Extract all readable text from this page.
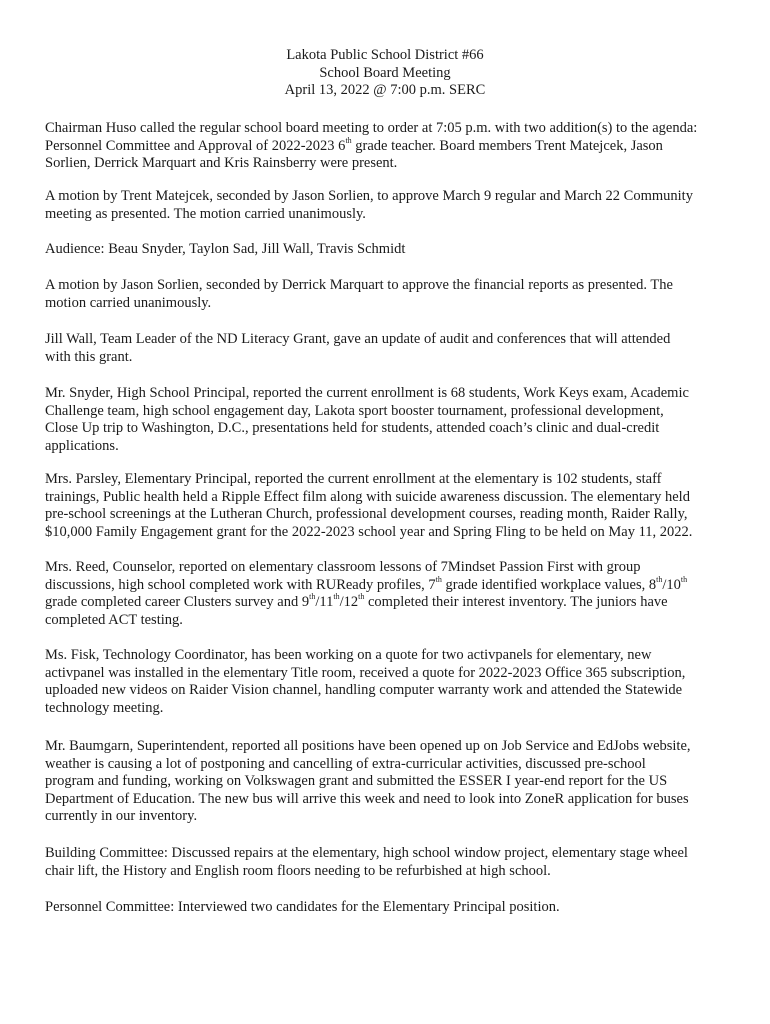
Lakota Public School District #66
School Board Meeting
April 13, 2022 @ 7:00 p.m. SERC
Chairman Huso called the regular school board meeting to order at 7:05 p.m. with two addition(s) to the agenda:
Personnel Committee and Approval of 2022-2023 6th grade teacher. Board members Trent Matejcek, Jason
Sorlien, Derrick Marquart and Kris Rainsberry were present.
A motion by Trent Matejcek, seconded by Jason Sorlien, to approve March 9 regular and March 22 Community
meeting as presented. The motion carried unanimously.
Audience: Beau Snyder, Taylon Sad, Jill Wall, Travis Schmidt
A motion by Jason Sorlien, seconded by Derrick Marquart to approve the financial reports as presented. The
motion carried unanimously.
Jill Wall, Team Leader of the ND Literacy Grant, gave an update of audit and conferences that will attended
with this grant.
Mr. Snyder, High School Principal, reported the current enrollment is 68 students, Work Keys exam, Academic
Challenge team, high school engagement day, Lakota sport booster tournament, professional development,
Close Up trip to Washington, D.C., presentations held for students, attended coach’s clinic and dual-credit
applications.
Mrs. Parsley, Elementary Principal, reported the current enrollment at the elementary is 102 students, staff
trainings, Public health held a Ripple Effect film along with suicide awareness discussion. The elementary held
pre-school screenings at the Lutheran Church, professional development courses, reading month, Raider Rally,
$10,000 Family Engagement grant for the 2022-2023 school year and Spring Fling to be held on May 11, 2022.
Mrs. Reed, Counselor, reported on elementary classroom lessons of 7Mindset Passion First with group
discussions, high school completed work with RUReady profiles, 7th grade identified workplace values, 8th/10th
grade completed career Clusters survey and 9th/11th/12th completed their interest inventory. The juniors have
completed ACT testing.
Ms. Fisk, Technology Coordinator, has been working on a quote for two activpanels for elementary, new
activpanel was installed in the elementary Title room, received a quote for 2022-2023 Office 365 subscription,
uploaded new videos on Raider Vision channel, handling computer warranty work and attended the Statewide
technology meeting.
Mr. Baumgarn, Superintendent, reported all positions have been opened up on Job Service and EdJobs website,
weather is causing a lot of postponing and cancelling of extra-curricular activities, discussed pre-school
program and funding, working on Volkswagen grant and submitted the ESSER I year-end report for the US
Department of Education. The new bus will arrive this week and need to look into ZoneR application for buses
currently in our inventory.
Building Committee: Discussed repairs at the elementary, high school window project, elementary stage wheel
chair lift, the History and English room floors needing to be refurbished at high school.
Personnel Committee: Interviewed two candidates for the Elementary Principal position.
